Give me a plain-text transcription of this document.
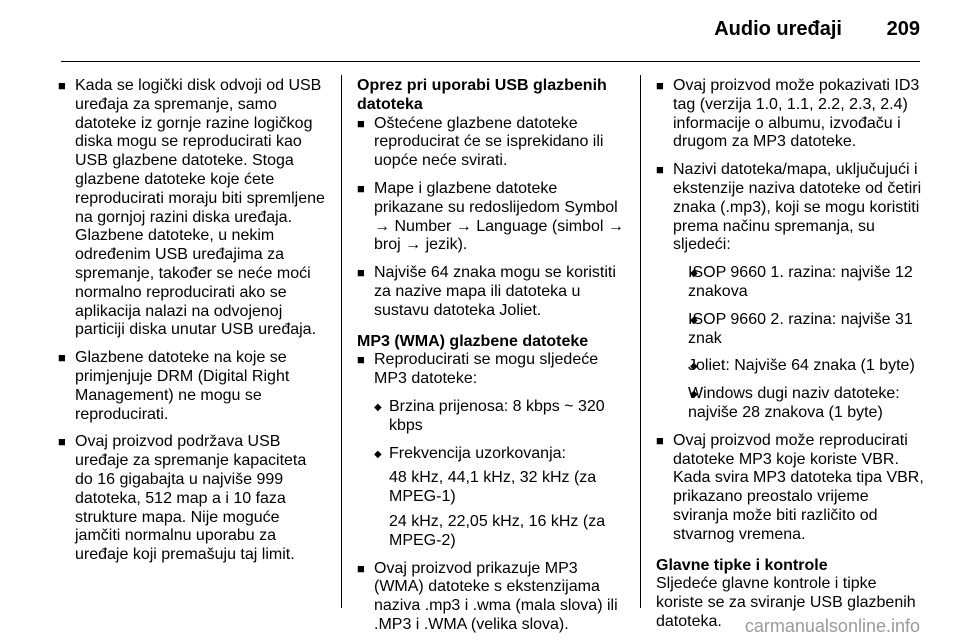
Audio uređaji 209
■ Kada se logički disk odvoji od USB uređaja za spremanje, samo datoteke iz gornje razine logičkog diska mogu se reproducirati kao USB glazbene datoteke. Stoga glazbene datoteke koje ćete reproducirati moraju biti spremljene na gornjoj razini diska uređaja. Glazbene datoteke, u nekim određenim USB uređajima za spremanje, također se neće moći normalno reproducirati ako se aplikacija nalazi na odvojenoj particiji diska unutar USB uređaja.
■ Glazbene datoteke na koje se primjenjuje DRM (Digital Right Management) ne mogu se reproducirati.
■ Ovaj proizvod podržava USB uređaje za spremanje kapaciteta do 16 gigabajta u najviše 999 datoteka, 512 map a i 10 faza strukture mapa. Nije moguće jamčiti normalnu uporabu za uređaje koji premašuju taj limit.
Oprez pri uporabi USB glazbenih datoteka
■ Oštećene glazbene datoteke reproducirat će se isprekidano ili uopće neće svirati.
■ Mape i glazbene datoteke prikazane su redoslijedom Symbol → Number → Language (simbol → broj → jezik).
■ Najviše 64 znaka mogu se koristiti za nazive mapa ili datoteka u sustavu datoteka Joliet.
MP3 (WMA) glazbene datoteke
■ Reproducirati se mogu sljedeće MP3 datoteke:
◆ Brzina prijenosa: 8 kbps ~ 320 kbps
◆ Frekvencija uzorkovanja:
48 kHz, 44,1 kHz, 32 kHz (za MPEG-1)
24 kHz, 22,05 kHz, 16 kHz (za MPEG-2)
■ Ovaj proizvod prikazuje MP3 (WMA) datoteke s ekstenzijama naziva .mp3 i .wma (mala slova) ili .MP3 i .WMA (velika slova).
■ Ovaj proizvod može pokazivati ID3 tag (verzija 1.0, 1.1, 2.2, 2.3, 2.4) informacije o albumu, izvođaču i drugom za MP3 datoteke.
■ Nazivi datoteka/mapa, uključujući i ekstenzije naziva datoteke od četiri znaka (.mp3), koji se mogu koristiti prema načinu spremanja, su sljedeći:
◆ ISOP 9660 1. razina: najviše 12 znakova
◆ ISOP 9660 2. razina: najviše 31 znak
◆ Joliet: Najviše 64 znaka (1 byte)
◆ Windows dugi naziv datoteke: najviše 28 znakova (1 byte)
■ Ovaj proizvod može reproducirati datoteke MP3 koje koriste VBR. Kada svira MP3 datoteka tipa VBR, prikazano preostalo vrijeme sviranja može biti različito od stvarnog vremena.
Glavne tipke i kontrole
Sljedeće glavne kontrole i tipke koriste se za sviranje USB glazbenih datoteka.	carmanualsonline.info
